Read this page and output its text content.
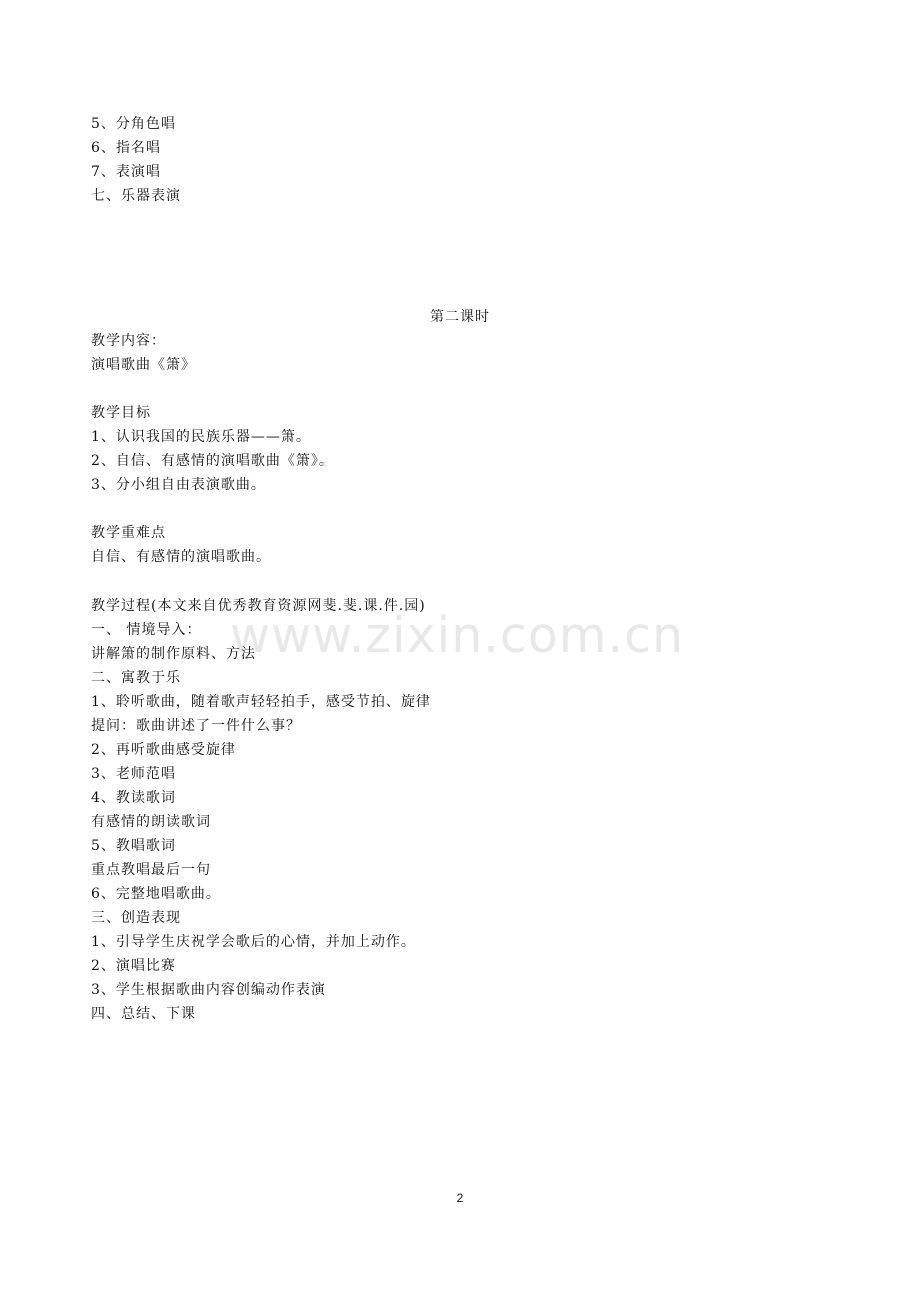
5、分角色唱
6、指名唱
7、表演唱
七、乐器表演
第二课时
教学内容：
演唱歌曲《箫》
教学目标
1、认识我国的民族乐器——箫。
2、自信、有感情的演唱歌曲《箫》。
3、分小组自由表演歌曲。
教学重难点
自信、有感情的演唱歌曲。
教学过程(本文来自优秀教育资源网斐.斐.课.件.园)
一、 情境导入：
讲解箫的制作原料、方法
二、寓教于乐
1、聆听歌曲，随着歌声轻轻拍手，感受节拍、旋律
提问：歌曲讲述了一件什么事？
2、再听歌曲感受旋律
3、老师范唱
4、教读歌词
有感情的朗读歌词
5、教唱歌词
重点教唱最后一句
6、完整地唱歌曲。
三、创造表现
1、引导学生庆祝学会歌后的心情，并加上动作。
2、演唱比赛
3、学生根据歌曲内容创编动作表演
四、总结、下课
www.zixin.com.cn
2
